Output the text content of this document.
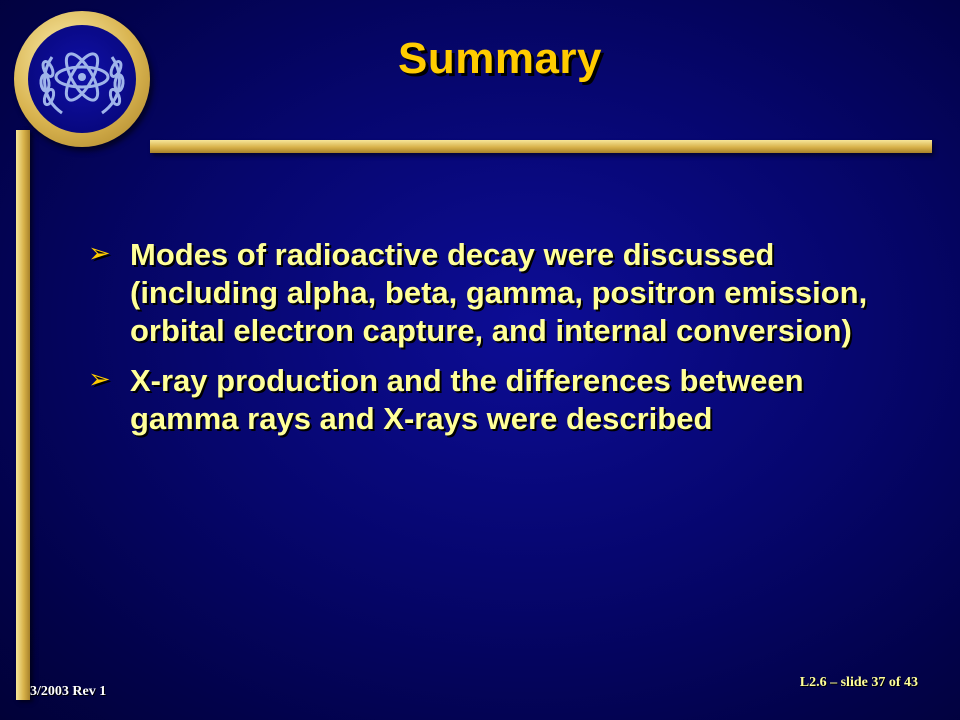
Summary
➢ Modes of radioactive decay were discussed (including alpha, beta, gamma, positron emission, orbital electron capture, and internal conversion)
➢ X-ray production and the differences between gamma rays and X-rays were described
3/2003 Rev 1
L2.6 – slide 37 of 43
